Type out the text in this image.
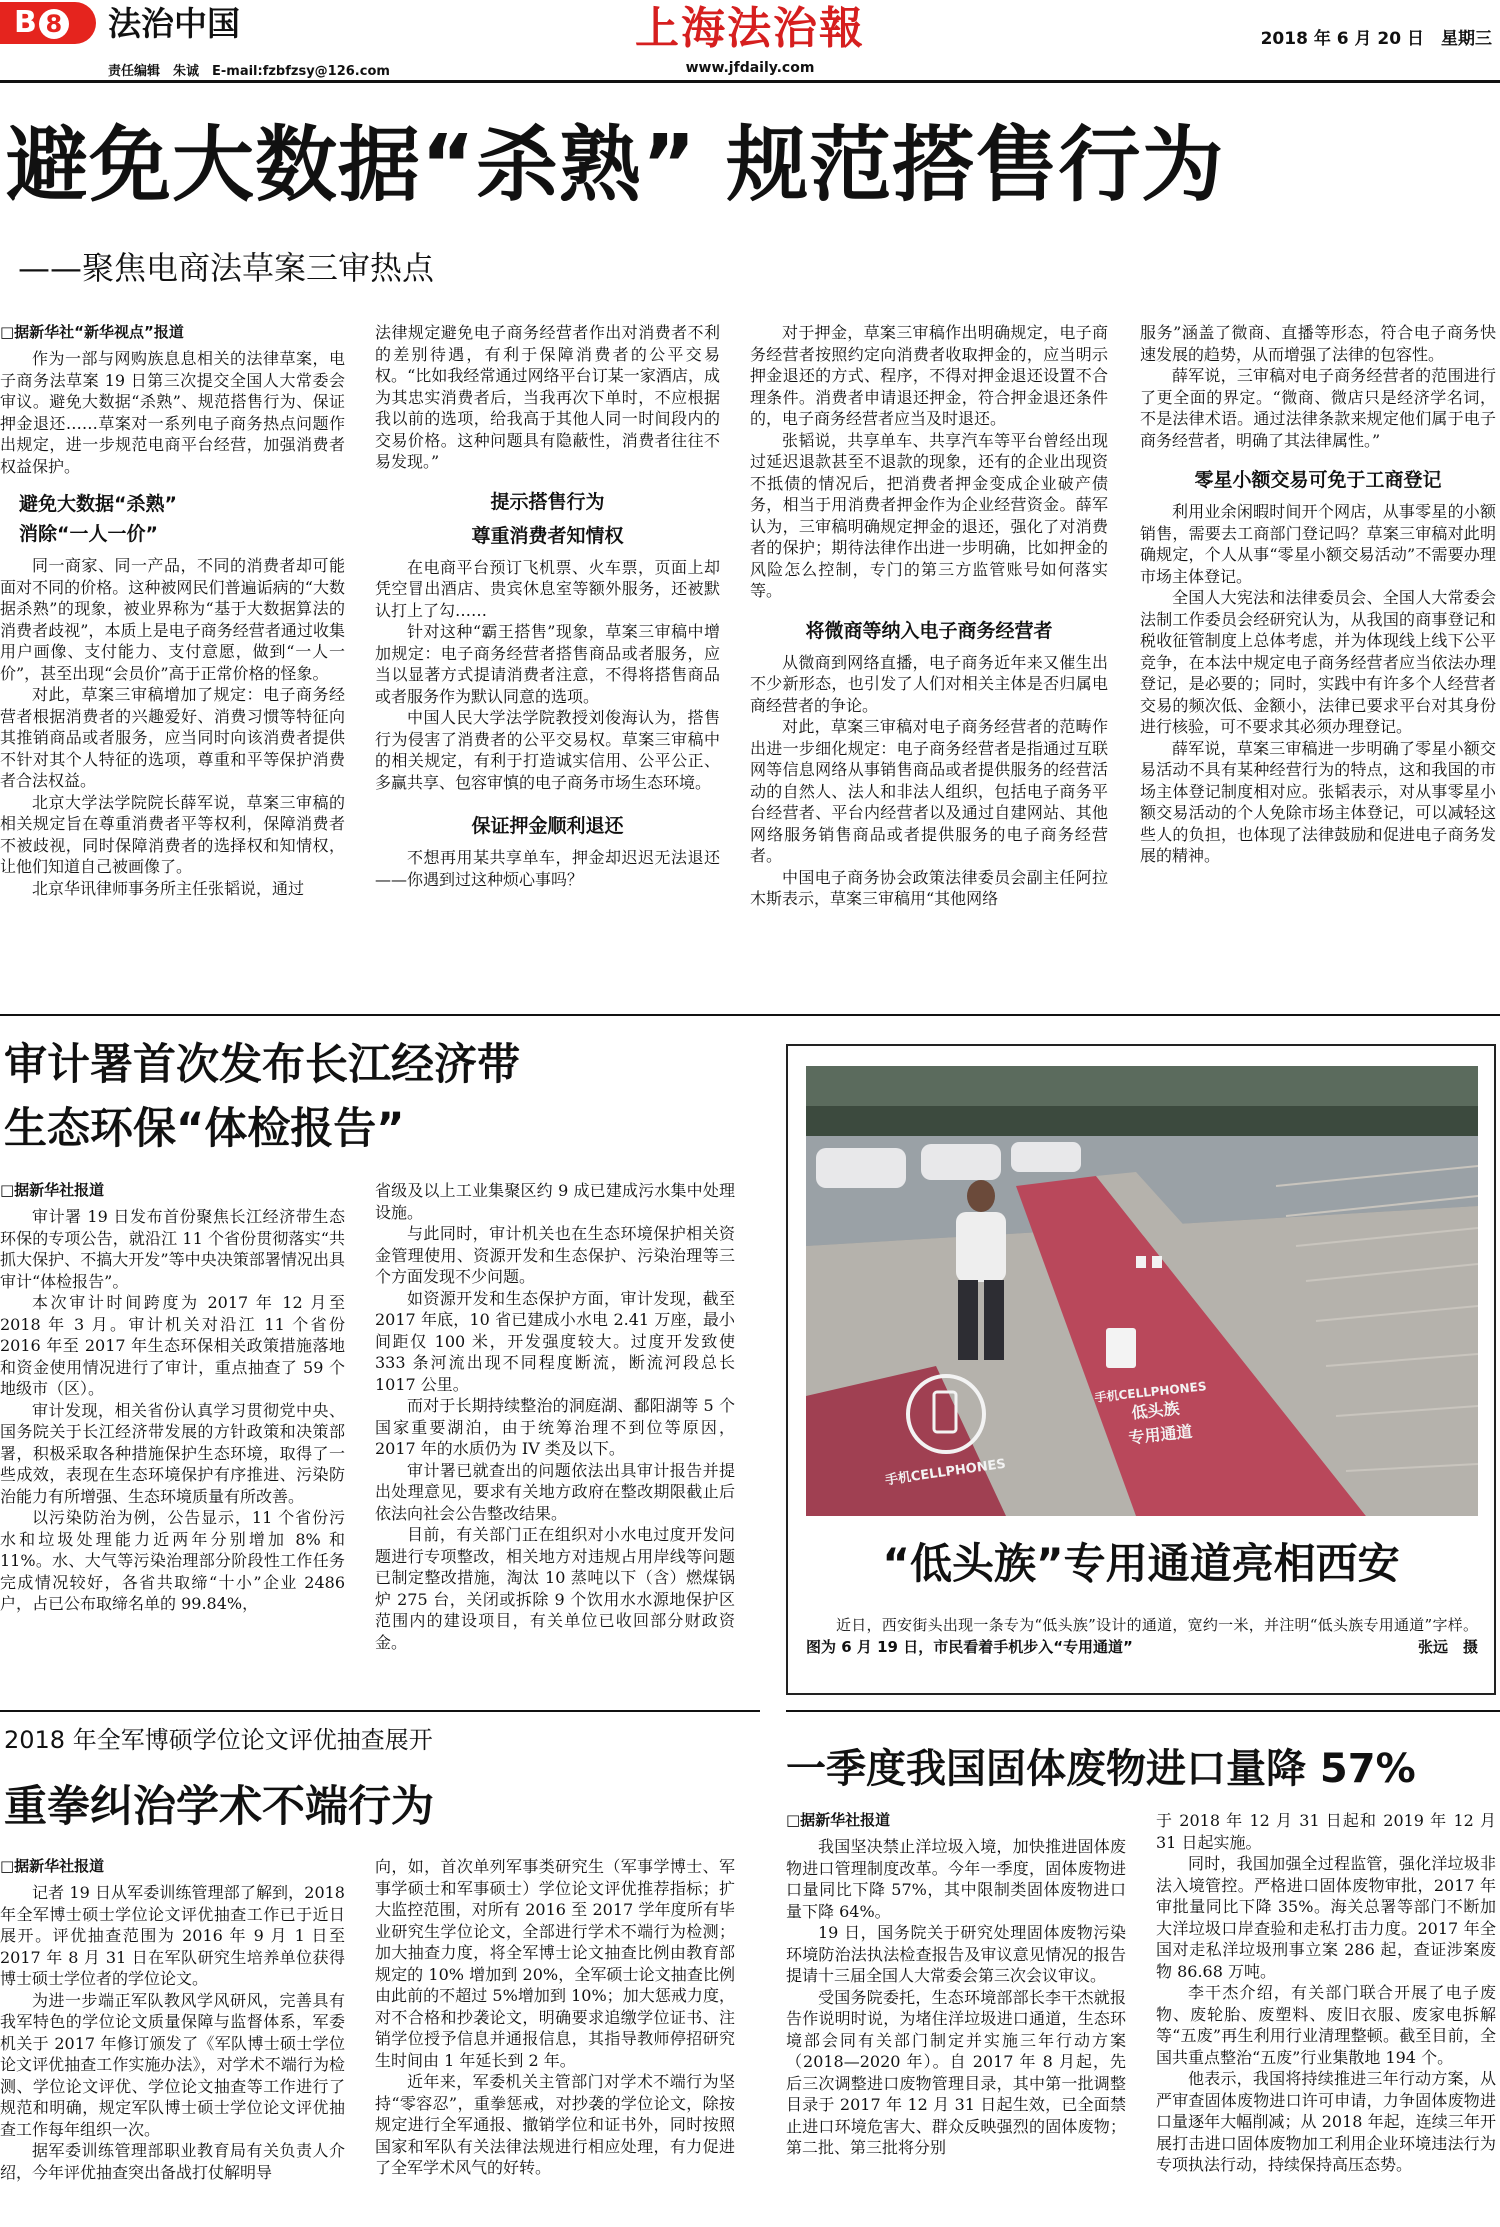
B 8	法治中国
责任编辑　朱诚　E-mail:fzbfzsy@126.com
上海法治報
www.jfdaily.com
2018 年 6 月 20 日　星期三
避免大数据“杀熟” 规范搭售行为
——聚焦电商法草案三审热点
□据新华社“新华视点”报道

作为一部与网购族息息相关的法律草案，电子商务法草案 19 日第三次提交全国人大常委会审议。避免大数据“杀熟”、规范搭售行为、保证押金退还……草案对一系列电子商务热点问题作出规定，进一步规范电商平台经营，加强消费者权益保护。

避免大数据“杀熟”
消除“一人一价”

同一商家、同一产品，不同的消费者却可能面对不同的价格。这种被网民们普遍诟病的“大数据杀熟”的现象，被业界称为“基于大数据算法的消费者歧视”，本质上是电子商务经营者通过收集用户画像、支付能力、支付意愿，做到“一人一价”，甚至出现“会员价”高于正常价格的怪象。

对此，草案三审稿增加了规定：电子商务经营者根据消费者的兴趣爱好、消费习惯等特征向其推销商品或者服务，应当同时向该消费者提供不针对其个人特征的选项，尊重和平等保护消费者合法权益。

北京大学法学院院长薛军说，草案三审稿的相关规定旨在尊重消费者平等权利，保障消费者不被歧视，同时保障消费者的选择权和知情权，让他们知道自己被画像了。

北京华讯律师事务所主任张韬说，通过

法律规定避免电子商务经营者作出对消费者不利的差别待遇，有利于保障消费者的公平交易权。“比如我经常通过网络平台订某一家酒店，成为其忠实消费者后，当我再次下单时，不应根据我以前的选项，给我高于其他人同一时间段内的交易价格。这种问题具有隐蔽性，消费者往往不易发现。”

提示搭售行为
尊重消费者知情权

在电商平台预订飞机票、火车票，页面上却凭空冒出酒店、贵宾休息室等额外服务，还被默认打上了勾……

针对这种“霸王搭售”现象，草案三审稿中增加规定：电子商务经营者搭售商品或者服务，应当以显著方式提请消费者注意，不得将搭售商品或者服务作为默认同意的选项。

中国人民大学法学院教授刘俊海认为，搭售行为侵害了消费者的公平交易权。草案三审稿中的相关规定，有利于打造诚实信用、公平公正、多赢共享、包容审慎的电子商务市场生态环境。

保证押金顺利退还

不想再用某共享单车，押金却迟迟无法退还——你遇到过这种烦心事吗？

对于押金，草案三审稿作出明确规定，电子商务经营者按照约定向消费者收取押金的，应当明示押金退还的方式、程序，不得对押金退还设置不合理条件。消费者申请退还押金，符合押金退还条件的，电子商务经营者应当及时退还。

张韬说，共享单车、共享汽车等平台曾经出现过延迟退款甚至不退款的现象，还有的企业出现资不抵债的情况后，把消费者押金变成企业破产债务，相当于用消费者押金作为企业经营资金。薛军认为，三审稿明确规定押金的退还，强化了对消费者的保护；期待法律作出进一步明确，比如押金的风险怎么控制，专门的第三方监管账号如何落实等。

将微商等纳入电子商务经营者

从微商到网络直播，电子商务近年来又催生出不少新形态，也引发了人们对相关主体是否归属电商经营者的争论。

对此，草案三审稿对电子商务经营者的范畴作出进一步细化规定：电子商务经营者是指通过互联网等信息网络从事销售商品或者提供服务的经营活动的自然人、法人和非法人组织，包括电子商务平台经营者、平台内经营者以及通过自建网站、其他网络服务销售商品或者提供服务的电子商务经营者。

中国电子商务协会政策法律委员会副主任阿拉木斯表示，草案三审稿用“其他网络

服务”涵盖了微商、直播等形态，符合电子商务快速发展的趋势，从而增强了法律的包容性。

薛军说，三审稿对电子商务经营者的范围进行了更全面的界定。“微商、微店只是经济学名词，不是法律术语。通过法律条款来规定他们属于电子商务经营者，明确了其法律属性。”

零星小额交易可免于工商登记

利用业余闲暇时间开个网店，从事零星的小额销售，需要去工商部门登记吗？草案三审稿对此明确规定，个人从事“零星小额交易活动”不需要办理市场主体登记。

全国人大宪法和法律委员会、全国人大常委会法制工作委员会经研究认为，从我国的商事登记和税收征管制度上总体考虑，并为体现线上线下公平竞争，在本法中规定电子商务经营者应当依法办理登记，是必要的；同时，实践中有许多个人经营者交易的频次低、金额小，法律已要求平台对其身份进行核验，可不要求其必须办理登记。

薛军说，草案三审稿进一步明确了零星小额交易活动不具有某种经营行为的特点，这和我国的市场主体登记制度相对应。张韬表示，对从事零星小额交易活动的个人免除市场主体登记，可以减轻这些人的负担，也体现了法律鼓励和促进电子商务发展的精神。

审计署首次发布长江经济带
生态环保“体检报告”
□据新华社报道

审计署 19 日发布首份聚焦长江经济带生态环保的专项公告，就沿江 11 个省份贯彻落实“共抓大保护、不搞大开发”等中央决策部署情况出具审计“体检报告”。

本次审计时间跨度为 2017 年 12 月至 2018 年 3 月。审计机关对沿江 11 个省份 2016 年至 2017 年生态环保相关政策措施落地和资金使用情况进行了审计，重点抽查了 59 个地级市（区）。

审计发现，相关省份认真学习贯彻党中央、国务院关于长江经济带发展的方针政策和决策部署，积极采取各种措施保护生态环境，取得了一些成效，表现在生态环境保护有序推进、污染防治能力有所增强、生态环境质量有所改善。

以污染防治为例，公告显示，11 个省份污水和垃圾处理能力近两年分别增加 8% 和 11%。水、大气等污染治理部分阶段性工作任务完成情况较好，各省共取缔“十小”企业 2486 户，占已公布取缔名单的 99.84%，

省级及以上工业集聚区约 9 成已建成污水集中处理设施。

与此同时，审计机关也在生态环境保护相关资金管理使用、资源开发和生态保护、污染治理等三个方面发现不少问题。

如资源开发和生态保护方面，审计发现，截至 2017 年底，10 省已建成小水电 2.41 万座，最小间距仅 100 米，开发强度较大。过度开发致使 333 条河流出现不同程度断流，断流河段总长 1017 公里。

而对于长期持续整治的洞庭湖、鄱阳湖等 5 个国家重要湖泊，由于统筹治理不到位等原因，2017 年的水质仍为 IV 类及以下。

审计署已就查出的问题依法出具审计报告并提出处理意见，要求有关地方政府在整改期限截止后依法向社会公告整改结果。

目前，有关部门正在组织对小水电过度开发问题进行专项整改，相关地方对违规占用岸线等问题已制定整改措施，淘汰 10 蒸吨以下（含）燃煤锅炉 275 台，关闭或拆除 9 个饮用水水源地保护区范围内的建设项目，有关单位已收回部分财政资金。

手机CELLPHONES
手机CELLPHONES
低头族
专用通道
“低头族”专用通道亮相西安
近日，西安街头出现一条专为“低头族”设计的通道，宽约一米，并注明“低头族专用通道”字样。图为 6 月 19 日，市民看着手机步入“专用通道”	张远　摄
2018 年全军博硕学位论文评优抽查展开
重拳纠治学术不端行为
□据新华社报道

记者 19 日从军委训练管理部了解到，2018 年全军博士硕士学位论文评优抽查工作已于近日展开。评优抽查范围为 2016 年 9 月 1 日至 2017 年 8 月 31 日在军队研究生培养单位获得博士硕士学位者的学位论文。

为进一步端正军队教风学风研风，完善具有我军特色的学位论文质量保障与监督体系，军委机关于 2017 年修订颁发了《军队博士硕士学位论文评优抽查工作实施办法》，对学术不端行为检测、学位论文评优、学位论文抽查等工作进行了规范和明确，规定军队博士硕士学位论文评优抽查工作每年组织一次。

据军委训练管理部职业教育局有关负责人介绍，今年评优抽查突出备战打仗解明导

向，如，首次单列军事类研究生（军事学博士、军事学硕士和军事硕士）学位论文评优推荐指标；扩大监控范围，对所有 2016 至 2017 学年度所有毕业研究生学位论文，全部进行学术不端行为检测；加大抽查力度，将全军博士论文抽查比例由教育部规定的 10% 增加到 20%，全军硕士论文抽查比例由此前的不超过 5%增加到 10%；加大惩戒力度，对不合格和抄袭论文，明确要求追缴学位证书、注销学位授予信息并通报信息，其指导教师停招研究生时间由 1 年延长到 2 年。

近年来，军委机关主管部门对学术不端行为坚持“零容忍”，重拳惩戒，对抄袭的学位论文，除按规定进行全军通报、撤销学位和证书外，同时按照国家和军队有关法律法规进行相应处理，有力促进了全军学术风气的好转。

一季度我国固体废物进口量降 57%
□据新华社报道

我国坚决禁止洋垃圾入境，加快推进固体废物进口管理制度改革。今年一季度，固体废物进口量同比下降 57%，其中限制类固体废物进口量下降 64%。

19 日，国务院关于研究处理固体废物污染环境防治法执法检查报告及审议意见情况的报告提请十三届全国人大常委会第三次会议审议。

受国务院委托，生态环境部部长李干杰就报告作说明时说，为堵住洋垃圾进口通道，生态环境部会同有关部门制定并实施三年行动方案（2018—2020 年）。自 2017 年 8 月起，先后三次调整进口废物管理目录，其中第一批调整目录于 2017 年 12 月 31 日起生效，已全面禁止进口环境危害大、群众反映强烈的固体废物；第二批、第三批将分别

于 2018 年 12 月 31 日起和 2019 年 12 月 31 日起实施。

同时，我国加强全过程监管，强化洋垃圾非法入境管控。严格进口固体废物审批，2017 年审批量同比下降 35%。海关总署等部门不断加大洋垃圾口岸查验和走私打击力度。2017 年全国对走私洋垃圾刑事立案 286 起，查证涉案废物 86.68 万吨。

李干杰介绍，有关部门联合开展了电子废物、废轮胎、废塑料、废旧衣服、废家电拆解等“五废”再生利用行业清理整顿。截至目前，全国共重点整治“五废”行业集散地 194 个。

他表示，我国将持续推进三年行动方案，从严审查固体废物进口许可申请，力争固体废物进口量逐年大幅削减；从 2018 年起，连续三年开展打击进口固体废物加工利用企业环境违法行为专项执法行动，持续保持高压态势。
